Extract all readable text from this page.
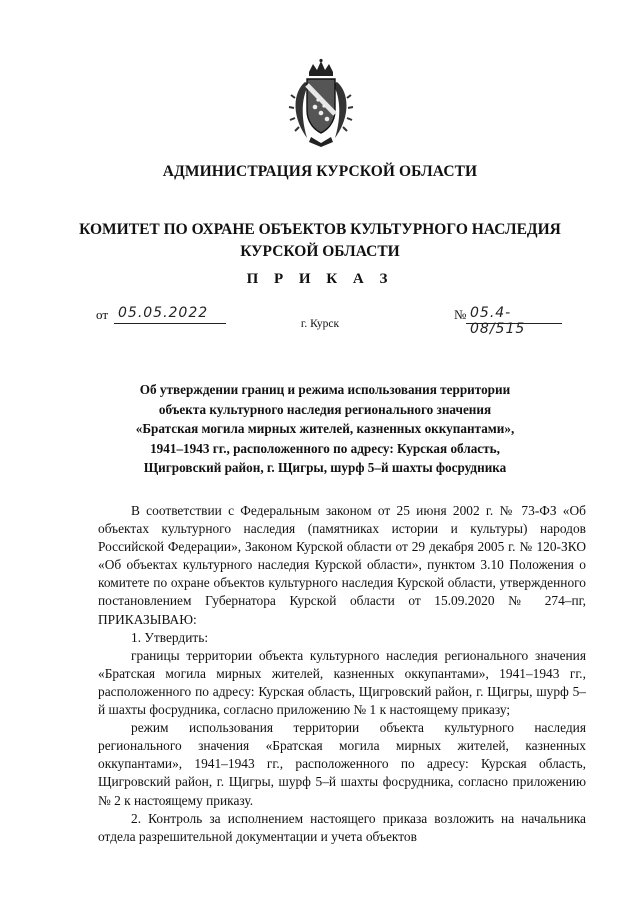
АДМИНИСТРАЦИЯ КУРСКОЙ ОБЛАСТИ
КОМИТЕТ ПО ОХРАНЕ ОБЪЕКТОВ КУЛЬТУРНОГО НАСЛЕДИЯ
КУРСКОЙ ОБЛАСТИ
П Р И К А З
от 05.05.2022	№ 05.4-08/515
г. Курск
Об утверждении границ и режима использования территории
объекта культурного наследия регионального значения
«Братская могила мирных жителей, казненных оккупантами»,
1941–1943 гг., расположенного по адресу: Курская область,
Щигровский район, г. Щигры, шурф 5–й шахты фосрудника

В соответствии с Федеральным законом от 25 июня 2002 г. № 73-ФЗ «Об объектах культурного наследия (памятниках истории и культуры) народов Российской Федерации», Законом Курской области от 29 декабря 2005 г. № 120-ЗКО «Об объектах культурного наследия Курской области», пунктом 3.10 Положения о комитете по охране объектов культурного наследия Курской области, утвержденного постановлением Губернатора Курской области от 15.09.2020 № 274–пг, ПРИКАЗЫВАЮ:

1. Утвердить:

границы территории объекта культурного наследия регионального значения «Братская могила мирных жителей, казненных оккупантами», 1941–1943 гг., расположенного по адресу: Курская область, Щигровский район, г. Щигры, шурф 5–й шахты фосрудника, согласно приложению № 1 к настоящему приказу;

режим использования территории объекта культурного наследия регионального значения «Братская могила мирных жителей, казненных оккупантами», 1941–1943 гг., расположенного по адресу: Курская область, Щигровский район, г. Щигры, шурф 5–й шахты фосрудника, согласно приложению № 2 к настоящему приказу.

2. Контроль за исполнением настоящего приказа возложить на начальника отдела разрешительной документации и учета объектов
